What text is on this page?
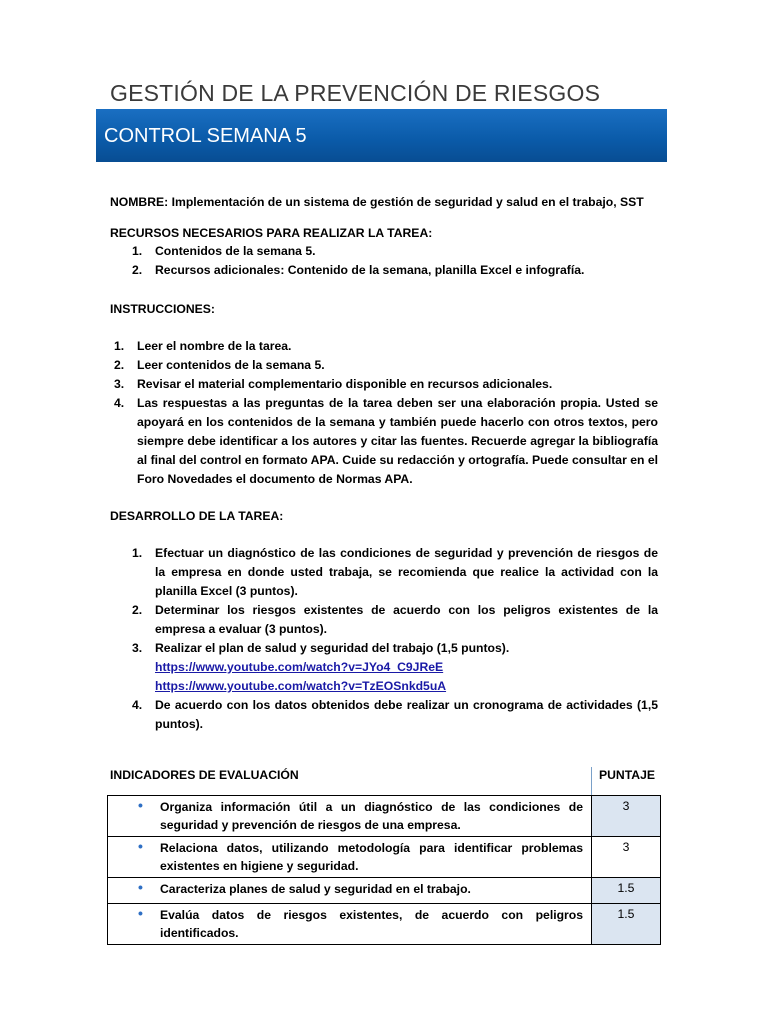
GESTIÓN DE LA PREVENCIÓN DE RIESGOS
CONTROL SEMANA 5
NOMBRE: Implementación de un sistema de gestión de seguridad y salud en el trabajo, SST
RECURSOS NECESARIOS PARA REALIZAR LA TAREA:
1. Contenidos de la semana 5.
2. Recursos adicionales: Contenido de la semana, planilla Excel e infografía.
INSTRUCCIONES:
1. Leer el nombre de la tarea.
2. Leer contenidos de la semana 5.
3. Revisar el material complementario disponible en recursos adicionales.
4. Las respuestas a las preguntas de la tarea deben ser una elaboración propia. Usted se apoyará en los contenidos de la semana y también puede hacerlo con otros textos, pero siempre debe identificar a los autores y citar las fuentes. Recuerde agregar la bibliografía al final del control en formato APA. Cuide su redacción y ortografía. Puede consultar en el Foro Novedades el documento de Normas APA.
DESARROLLO DE LA TAREA:
1. Efectuar un diagnóstico de las condiciones de seguridad y prevención de riesgos de la empresa en donde usted trabaja, se recomienda que realice la actividad con la planilla Excel (3 puntos).
2. Determinar los riesgos existentes de acuerdo con los peligros existentes de la empresa a evaluar (3 puntos).
3. Realizar el plan de salud y seguridad del trabajo (1,5 puntos).
https://www.youtube.com/watch?v=JYo4_C9JReE
https://www.youtube.com/watch?v=TzEOSnkd5uA
4. De acuerdo con los datos obtenidos debe realizar un cronograma de actividades (1,5 puntos).
INDICADORES DE EVALUACIÓN	PUNTAJE
• Organiza información útil a un diagnóstico de las condiciones de seguridad y prevención de riesgos de una empresa.	3

• Relaciona datos, utilizando metodología para identificar problemas existentes en higiene y seguridad.	3

• Caracteriza planes de salud y seguridad en el trabajo.	1.5

• Evalúa datos de riesgos existentes, de acuerdo con peligros identificados.	1.5
